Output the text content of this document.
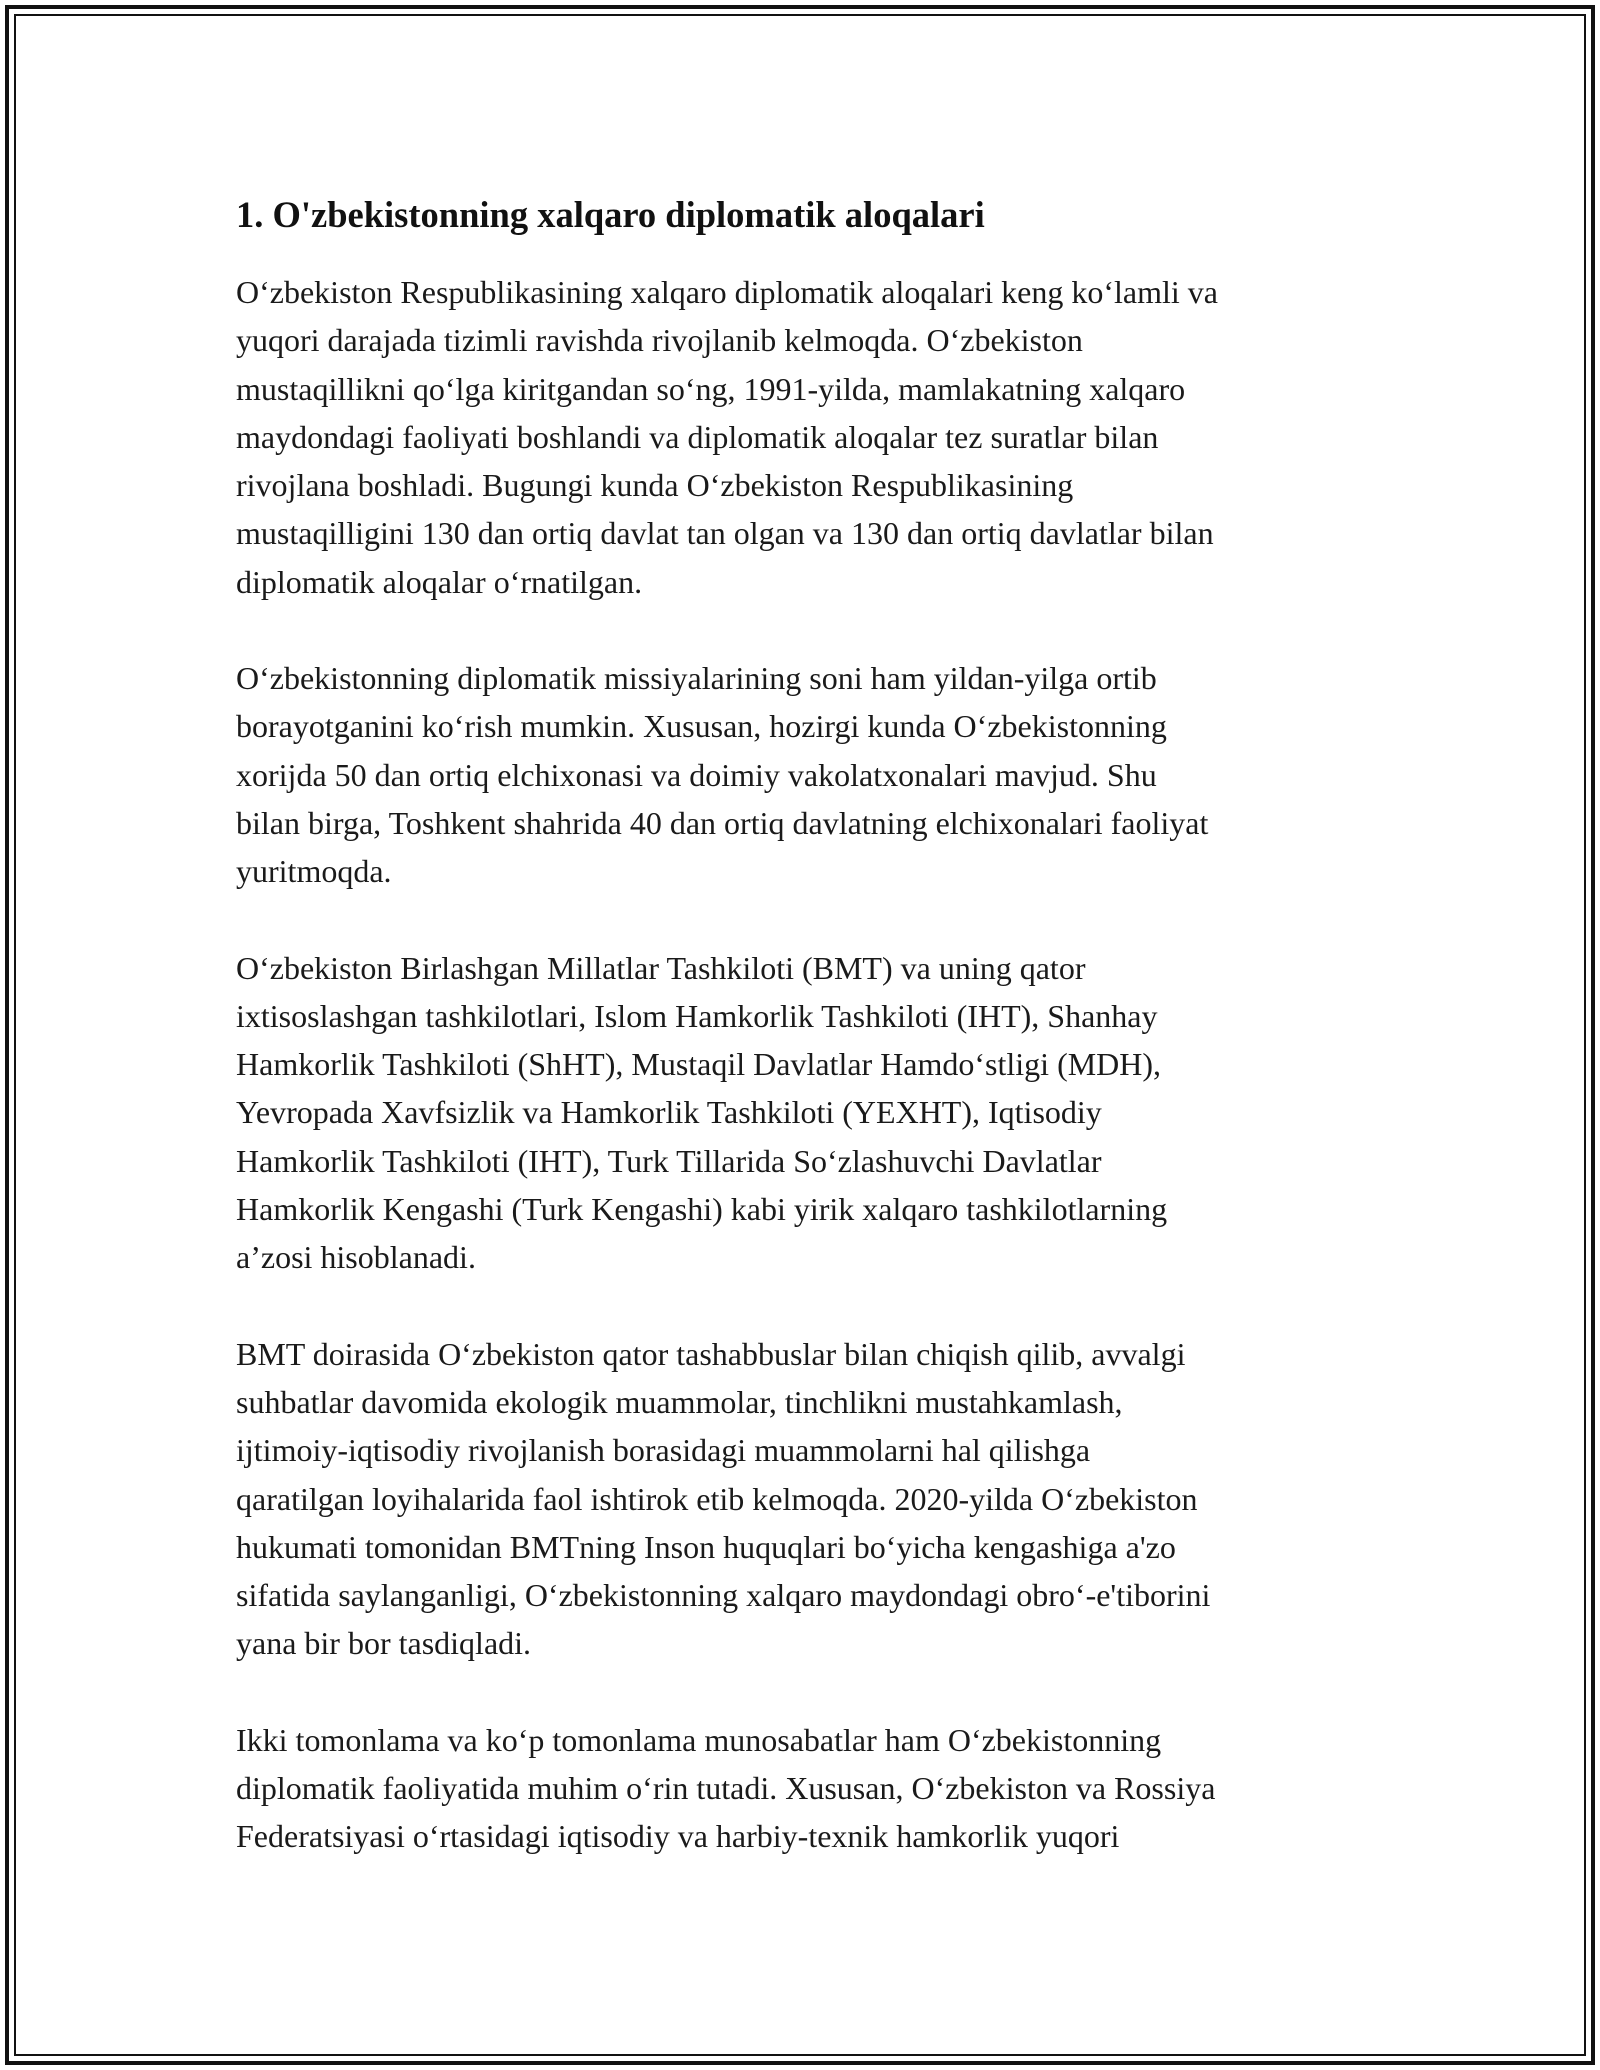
1. O'zbekistonning xalqaro diplomatik aloqalari

O‘zbekiston Respublikasining xalqaro diplomatik aloqalari keng ko‘lamli va
yuqori darajada tizimli ravishda rivojlanib kelmoqda. O‘zbekiston
mustaqillikni qo‘lga kiritgandan so‘ng, 1991-yilda, mamlakatning xalqaro
maydondagi faoliyati boshlandi va diplomatik aloqalar tez suratlar bilan
rivojlana boshladi. Bugungi kunda O‘zbekiston Respublikasining
mustaqilligini 130 dan ortiq davlat tan olgan va 130 dan ortiq davlatlar bilan
diplomatik aloqalar o‘rnatilgan.

O‘zbekistonning diplomatik missiyalarining soni ham yildan-yilga ortib
borayotganini ko‘rish mumkin. Xususan, hozirgi kunda O‘zbekistonning
xorijda 50 dan ortiq elchixonasi va doimiy vakolatxonalari mavjud. Shu
bilan birga, Toshkent shahrida 40 dan ortiq davlatning elchixonalari faoliyat
yuritmoqda.

O‘zbekiston Birlashgan Millatlar Tashkiloti (BMT) va uning qator
ixtisoslashgan tashkilotlari, Islom Hamkorlik Tashkiloti (IHT), Shanhay
Hamkorlik Tashkiloti (ShHT), Mustaqil Davlatlar Hamdo‘stligi (MDH),
Yevropada Xavfsizlik va Hamkorlik Tashkiloti (YEXHT), Iqtisodiy
Hamkorlik Tashkiloti (IHT), Turk Tillarida So‘zlashuvchi Davlatlar
Hamkorlik Kengashi (Turk Kengashi) kabi yirik xalqaro tashkilotlarning
a’zosi hisoblanadi.

BMT doirasida O‘zbekiston qator tashabbuslar bilan chiqish qilib, avvalgi
suhbatlar davomida ekologik muammolar, tinchlikni mustahkamlash,
ijtimoiy-iqtisodiy rivojlanish borasidagi muammolarni hal qilishga
qaratilgan loyihalarida faol ishtirok etib kelmoqda. 2020-yilda O‘zbekiston
hukumati tomonidan BMTning Inson huquqlari bo‘yicha kengashiga a'zo
sifatida saylanganligi, O‘zbekistonning xalqaro maydondagi obro‘-e'tiborini
yana bir bor tasdiqladi.

Ikki tomonlama va ko‘p tomonlama munosabatlar ham O‘zbekistonning
diplomatik faoliyatida muhim o‘rin tutadi. Xususan, O‘zbekiston va Rossiya
Federatsiyasi o‘rtasidagi iqtisodiy va harbiy-texnik hamkorlik yuqori
